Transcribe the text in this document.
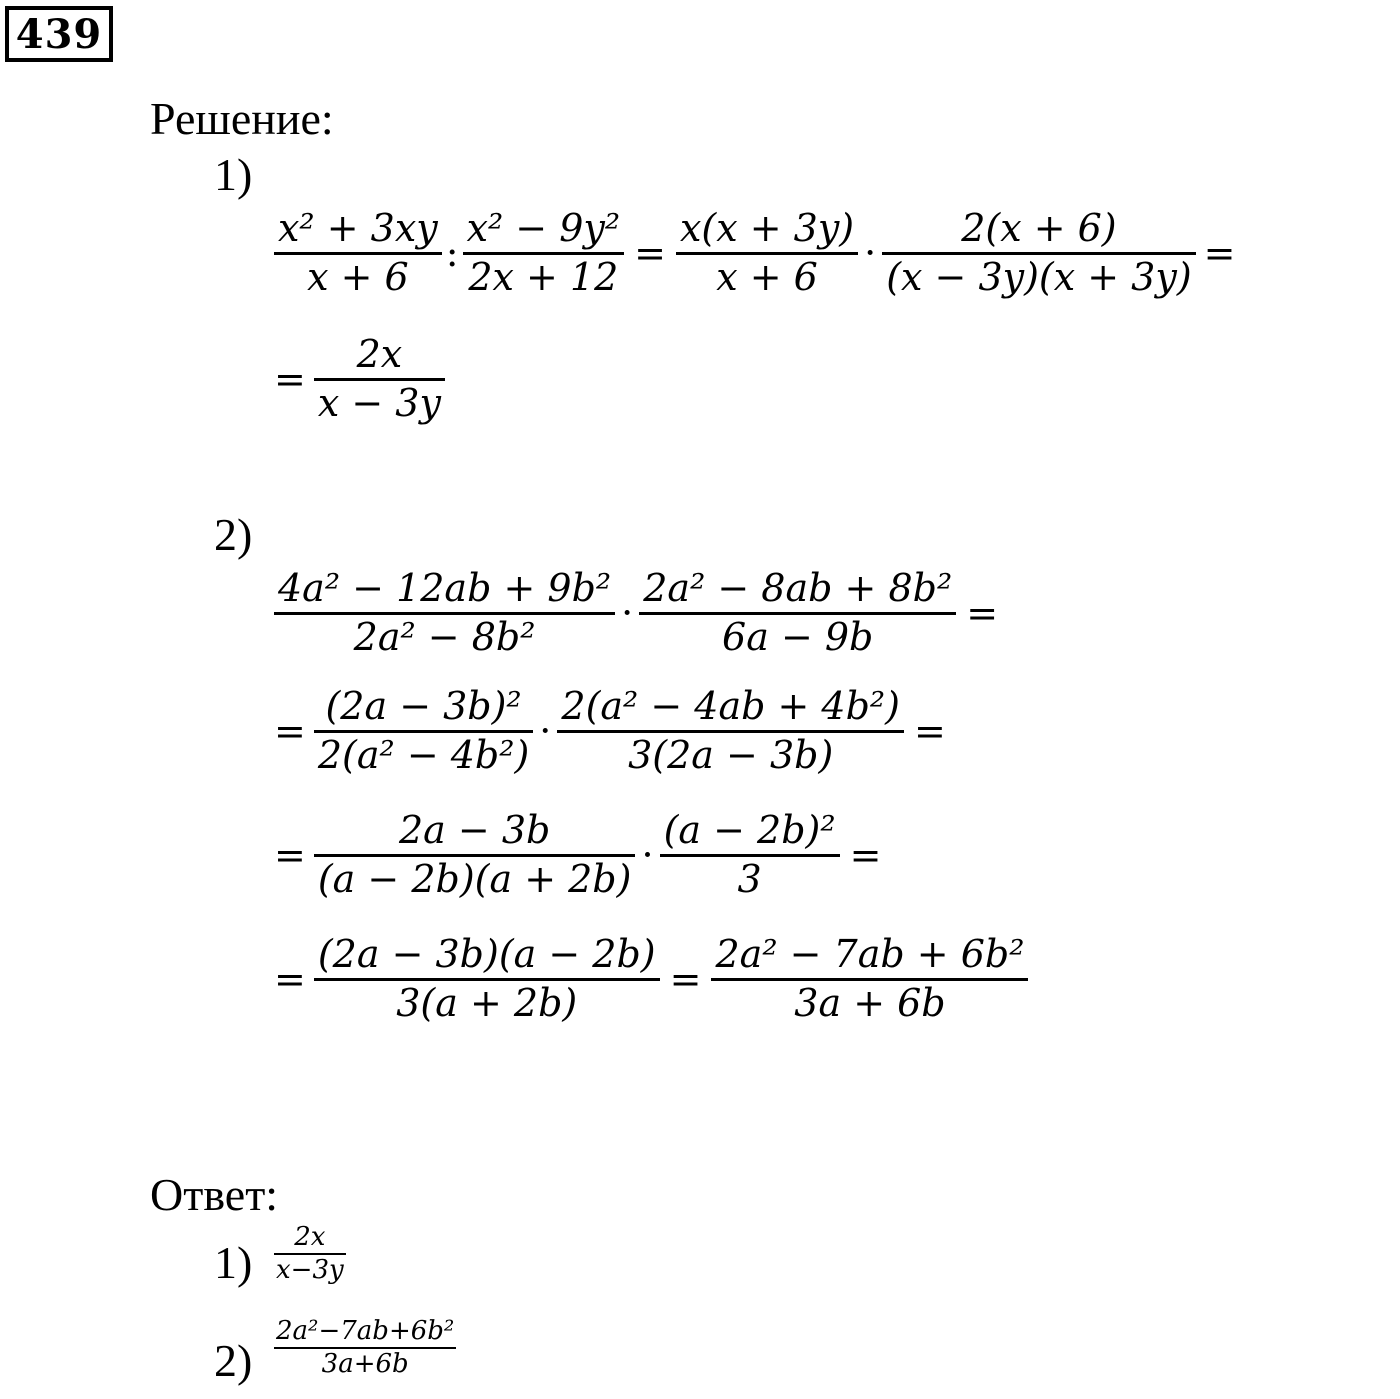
439
Решение:
1)
$\frac{\text{x² + 3xy}}{x + 6}$ : $\frac{\text{x² − 9y²}}{2x + 12} = \frac{x(x + 3y)}{x + 6} \cdot \frac{2(x + 6)}{(x - 3y)(x + 3y)}$ =
= $\frac{2x}{x - 3y}$
2)
$\frac{\text{4a² − 12ab + 9b²}}{\text{2a² − 8b²}} \cdot \frac{\text{2a² − 8ab + 8b²}}{6a - 9b}$ =
= $\frac{\text{(2a − 3b)²}}{\text{2(a² − 4b²)}} \cdot \frac{\text{2(a² − 4ab + 4b²)}}{3(2a - 3b)}$ =
= $\frac{2a - 3b}{(a - 2b)(a + 2b)} \cdot \frac{\text{(a − 2b)²}}{3}$ =
= $\frac{(2a - 3b)(a - 2b)}{3(a + 2b)} = \frac{\text{2a² − 7ab + 6b²}}{3a + 6b}$
Ответ:
$1) \frac{2x}{x-3y}$
$2) \frac{\text{2a²−7ab+6b²}}{3a+6b}$
